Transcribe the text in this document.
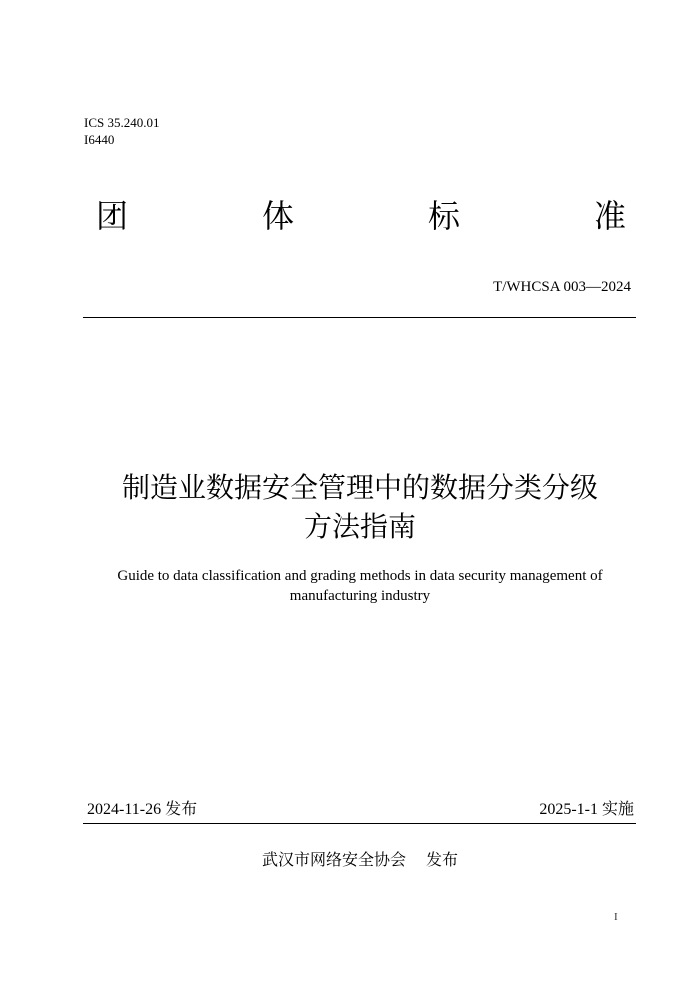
ICS 35.240.01
I6440
团	体	标	准
T/WHCSA 003—2024
制造业数据安全管理中的数据分类分级
方法指南
Guide to data classification and grading methods in data security management of
manufacturing industry
2024-11-26 发布	2025-1-1 实施
武汉市网络安全协会 发布
I
